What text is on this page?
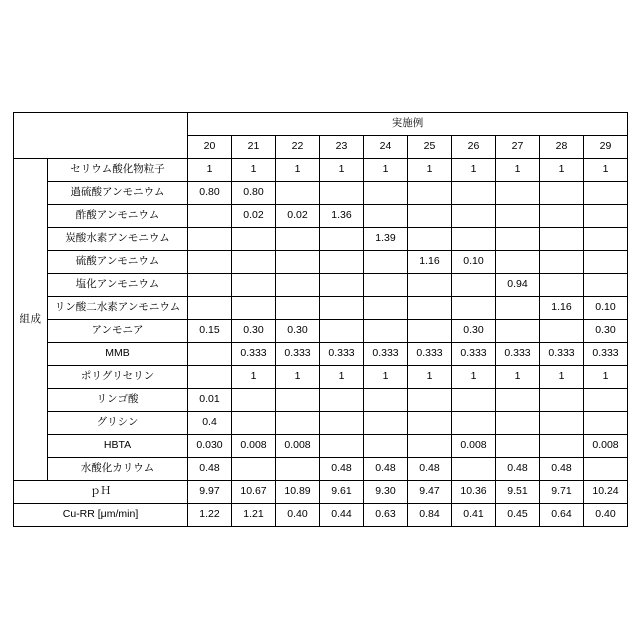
		実施例									
		20	21	22	23	24	25	26	27	28	29
組成	セリウム酸化物粒子	1	1	1	1	1	1	1	1	1	1
	過硫酸アンモニウム	0.80	0.80								
	酢酸アンモニウム		0.02	0.02	1.36						
	炭酸水素アンモニウム					1.39					
	硫酸アンモニウム						1.16	0.10			
	塩化アンモニウム								0.94		
	リン酸二水素アンモニウム									1.16	0.10
	アンモニア	0.15	0.30	0.30				0.30			0.30
	MMB		0.333	0.333	0.333	0.333	0.333	0.333	0.333	0.333	0.333
	ポリグリセリン		1	1	1	1	1	1	1	1	1
	リンゴ酸	0.01									
	グリシン	0.4									
	HBTA	0.030	0.008	0.008				0.008			0.008
	水酸化カリウム	0.48			0.48	0.48	0.48		0.48	0.48	
ｐＨ		9.97	10.67	10.89	9.61	9.30	9.47	10.36	9.51	9.71	10.24
Cu-RR [μm/min]		1.22	1.21	0.40	0.44	0.63	0.84	0.41	0.45	0.64	0.40
